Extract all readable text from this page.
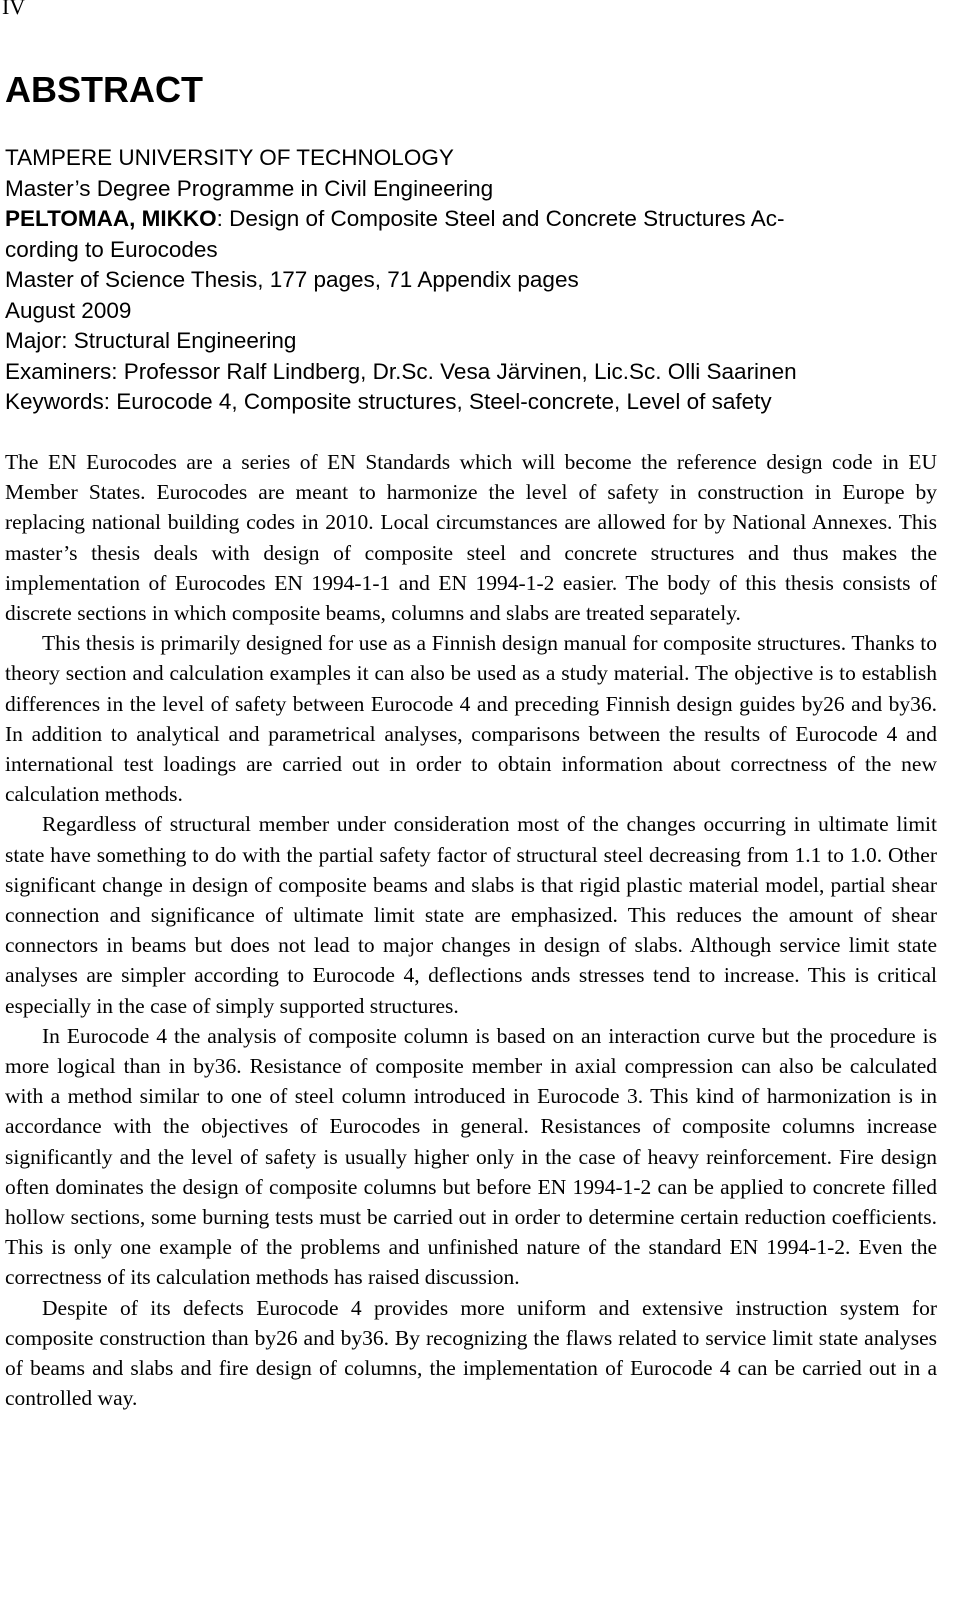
IV
ABSTRACT
TAMPERE UNIVERSITY OF TECHNOLOGY
Master’s Degree Programme in Civil Engineering
PELTOMAA, MIKKO: Design of Composite Steel and Concrete Structures Ac-
cording to Eurocodes
Master of Science Thesis, 177 pages, 71 Appendix pages
August 2009
Major: Structural Engineering
Examiners: Professor Ralf Lindberg, Dr.Sc. Vesa Järvinen, Lic.Sc. Olli Saarinen
Keywords: Eurocode 4, Composite structures, Steel-concrete, Level of safety

The EN Eurocodes are a series of EN Standards which will become the reference design code in EU Member States. Eurocodes are meant to harmonize the level of safety in construction in Europe by replacing national building codes in 2010. Local circumstances are allowed for by National Annexes. This master’s thesis deals with design of composite steel and concrete structures and thus makes the implementation of Eurocodes EN 1994-1-1 and EN 1994-1-2 easier. The body of this thesis consists of discrete sections in which composite beams, columns and slabs are treated separately.

This thesis is primarily designed for use as a Finnish design manual for composite structures. Thanks to theory section and calculation examples it can also be used as a study material. The objective is to establish differences in the level of safety between Eurocode 4 and preceding Finnish design guides by26 and by36. In addition to analytical and parametrical analyses, comparisons between the results of Eurocode 4 and international test loadings are carried out in order to obtain information about correctness of the new calculation methods.

Regardless of structural member under consideration most of the changes occurring in ultimate limit state have something to do with the partial safety factor of structural steel decreasing from 1.1 to 1.0. Other significant change in design of composite beams and slabs is that rigid plastic material model, partial shear connection and significance of ultimate limit state are emphasized. This reduces the amount of shear connectors in beams but does not lead to major changes in design of slabs. Although service limit state analyses are simpler according to Eurocode 4, deflections ands stresses tend to increase. This is critical especially in the case of simply supported structures.

In Eurocode 4 the analysis of composite column is based on an interaction curve but the procedure is more logical than in by36. Resistance of composite member in axial compression can also be calculated with a method similar to one of steel column introduced in Eurocode 3. This kind of harmonization is in accordance with the objectives of Eurocodes in general. Resistances of composite columns increase significantly and the level of safety is usually higher only in the case of heavy reinforcement. Fire design often dominates the design of composite columns but before EN 1994-1-2 can be applied to concrete filled hollow sections, some burning tests must be carried out in order to determine certain reduction coefficients. This is only one example of the problems and unfinished nature of the standard EN 1994-1-2. Even the correctness of its calculation methods has raised discussion.

Despite of its defects Eurocode 4 provides more uniform and extensive instruction system for composite construction than by26 and by36. By recognizing the flaws related to service limit state analyses of beams and slabs and fire design of columns, the implementation of Eurocode 4 can be carried out in a controlled way.
